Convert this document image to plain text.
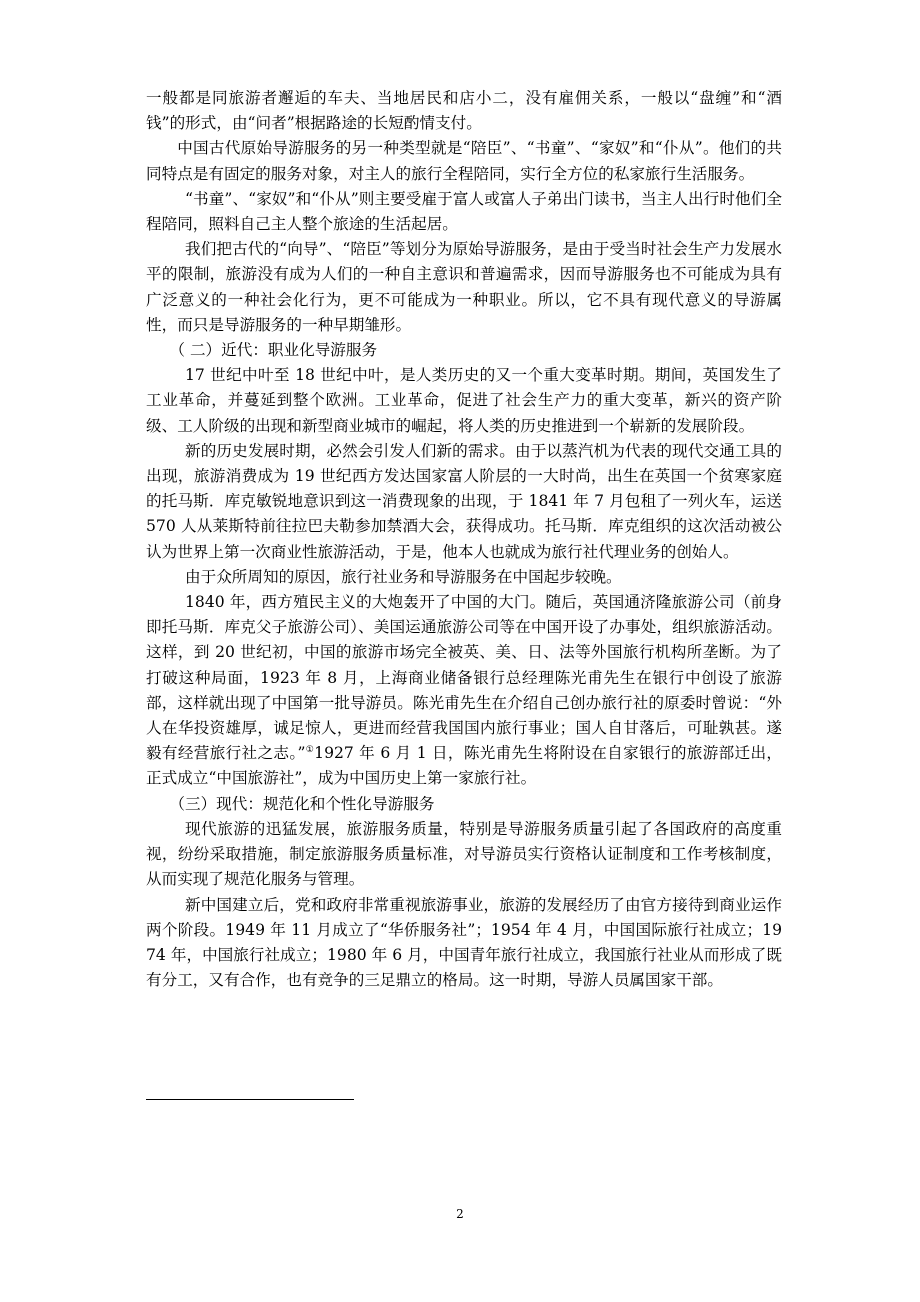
一般都是同旅游者邂逅的车夫、当地居民和店小二，没有雇佣关系，一般以“盘缠”和“酒钱”的形式，由“问者”根据路途的长短酌情支付。

中国古代原始导游服务的另一种类型就是“陪臣”、“书童”、“家奴”和“仆从”。他们的共同特点是有固定的服务对象，对主人的旅行全程陪同，实行全方位的私家旅行生活服务。

“书童”、“家奴”和“仆从”则主要受雇于富人或富人子弟出门读书，当主人出行时他们全程陪同，照料自己主人整个旅途的生活起居。

我们把古代的“向导”、“陪臣”等划分为原始导游服务，是由于受当时社会生产力发展水平的限制，旅游没有成为人们的一种自主意识和普遍需求，因而导游服务也不可能成为具有广泛意义的一种社会化行为，更不可能成为一种职业。所以，它不具有现代意义的导游属性，而只是导游服务的一种早期雏形。

（ 二）近代：职业化导游服务

17 世纪中叶至 18 世纪中叶，是人类历史的又一个重大变革时期。期间，英国发生了工业革命，并蔓延到整个欧洲。工业革命，促进了社会生产力的重大变革，新兴的资产阶级、工人阶级的出现和新型商业城市的崛起，将人类的历史推进到一个崭新的发展阶段。

新的历史发展时期，必然会引发人们新的需求。由于以蒸汽机为代表的现代交通工具的出现，旅游消费成为 19 世纪西方发达国家富人阶层的一大时尚，出生在英国一个贫寒家庭的托马斯．库克敏锐地意识到这一消费现象的出现，于 1841 年 7 月包租了一列火车，运送 570 人从莱斯特前往拉巴夫勒参加禁酒大会，获得成功。托马斯．库克组织的这次活动被公认为世界上第一次商业性旅游活动，于是，他本人也就成为旅行社代理业务的创始人。

由于众所周知的原因，旅行社业务和导游服务在中国起步较晚。

1840 年，西方殖民主义的大炮轰开了中国的大门。随后，英国通济隆旅游公司（前身即托马斯．库克父子旅游公司）、美国运通旅游公司等在中国开设了办事处，组织旅游活动。这样，到 20 世纪初，中国的旅游市场完全被英、美、日、法等外国旅行机构所垄断。为了打破这种局面，1923 年 8 月，上海商业储备银行总经理陈光甫先生在银行中创设了旅游部，这样就出现了中国第一批导游员。陈光甫先生在介绍自己创办旅行社的原委时曾说：“外人在华投资雄厚，诚足惊人，更进而经营我国国内旅行事业；国人自甘落后，可耻孰甚。遂毅有经营旅行社之志。”①1927 年 6 月 1 日，陈光甫先生将附设在自家银行的旅游部迁出，正式成立“中国旅游社”，成为中国历史上第一家旅行社。

（三）现代：规范化和个性化导游服务

现代旅游的迅猛发展，旅游服务质量，特别是导游服务质量引起了各国政府的高度重视，纷纷采取措施，制定旅游服务质量标准，对导游员实行资格认证制度和工作考核制度，从而实现了规范化服务与管理。

新中国建立后，党和政府非常重视旅游事业，旅游的发展经历了由官方接待到商业运作两个阶段。1949 年 11 月成立了“华侨服务社”；1954 年 4 月，中国国际旅行社成立；1974 年，中国旅行社成立；1980 年 6 月，中国青年旅行社成立，我国旅行社业从而形成了既有分工，又有合作，也有竞争的三足鼎立的格局。这一时期，导游人员属国家干部。

2
